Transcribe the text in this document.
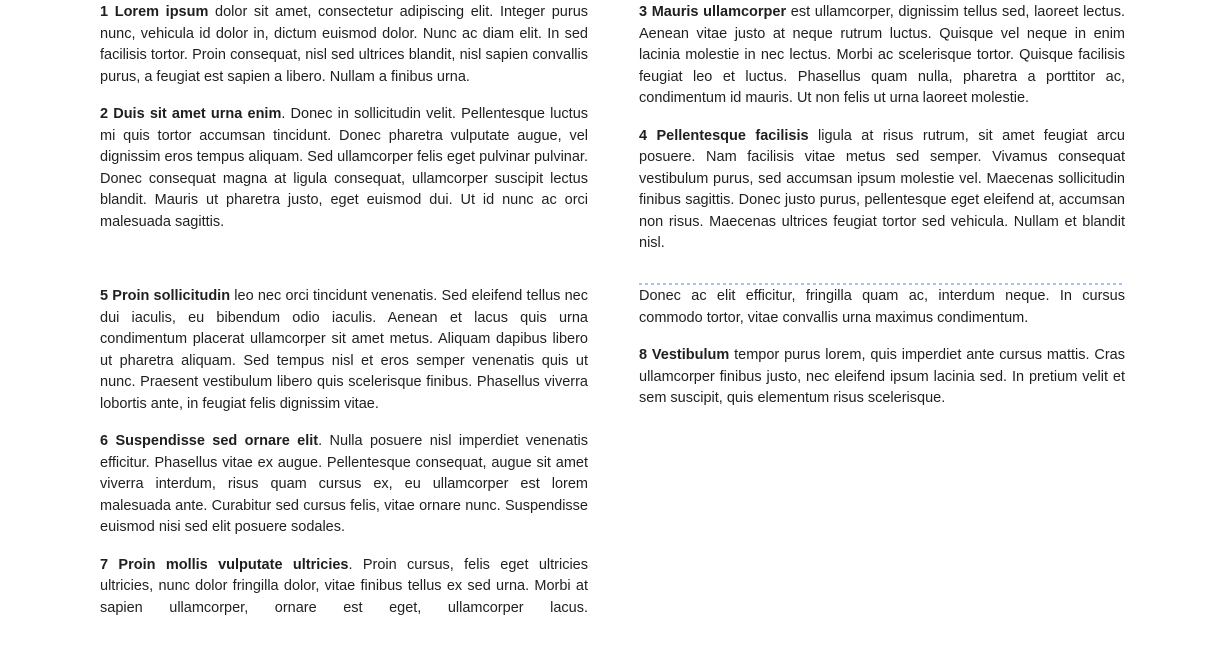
1 Lorem ipsum dolor sit amet, consectetur adipiscing elit. Integer purus nunc, vehicula id dolor in, dictum euismod dolor. Nunc ac diam elit. In sed facilisis tortor. Proin consequat, nisl sed ultrices blandit, nisl sapien convallis purus, a feugiat est sapien a libero. Nullam a finibus urna.

2 Duis sit amet urna enim. Donec in sollicitudin velit. Pellentesque luctus mi quis tortor accumsan tincidunt. Donec pharetra vulputate augue, vel dignissim eros tempus aliquam. Sed ullamcorper felis eget pulvinar pulvinar. Donec consequat magna at ligula consequat, ullamcorper suscipit lectus blandit. Mauris ut pharetra justo, eget euismod dui. Ut id nunc ac orci malesuada sagittis.

3 Mauris ullamcorper est ullamcorper, dignissim tellus sed, laoreet lectus. Aenean vitae justo at neque rutrum luctus. Quisque vel neque in enim lacinia molestie in nec lectus. Morbi ac scelerisque tortor. Quisque facilisis feugiat leo et luctus. Phasellus quam nulla, pharetra a porttitor ac, condimentum id mauris. Ut non felis ut urna laoreet molestie.

4 Pellentesque facilisis ligula at risus rutrum, sit amet feugiat arcu posuere. Nam facilisis vitae metus sed semper. Vivamus consequat vestibulum purus, sed accumsan ipsum molestie vel. Maecenas sollicitudin finibus sagittis. Donec justo purus, pellentesque eget eleifend at, accumsan non risus. Maecenas ultrices feugiat tortor sed vehicula. Nullam et blandit nisl.

5 Proin sollicitudin leo nec orci tincidunt venenatis. Sed eleifend tellus nec dui iaculis, eu bibendum odio iaculis. Aenean et lacus quis urna condimentum placerat ullamcorper sit amet metus. Aliquam dapibus libero ut pharetra aliquam. Sed tempus nisl et eros semper venenatis quis ut nunc. Praesent vestibulum libero quis scelerisque finibus. Phasellus viverra lobortis ante, in feugiat felis dignissim vitae.

6 Suspendisse sed ornare elit. Nulla posuere nisl imperdiet venenatis efficitur. Phasellus vitae ex augue. Pellentesque consequat, augue sit amet viverra interdum, risus quam cursus ex, eu ullamcorper est lorem malesuada ante. Curabitur sed cursus felis, vitae ornare nunc. Suspendisse euismod nisi sed elit posuere sodales.

7 Proin mollis vulputate ultricies. Proin cursus, felis eget ultricies ultricies, nunc dolor fringilla dolor, vitae finibus tellus ex sed urna. Morbi at sapien ullamcorper, ornare est eget, ullamcorper lacus.

Donec ac elit efficitur, fringilla quam ac, interdum neque. In cursus commodo tortor, vitae convallis urna maximus condimentum.

8 Vestibulum tempor purus lorem, quis imperdiet ante cursus mattis. Cras ullamcorper finibus justo, nec eleifend ipsum lacinia sed. In pretium velit et sem suscipit, quis elementum risus scelerisque.
